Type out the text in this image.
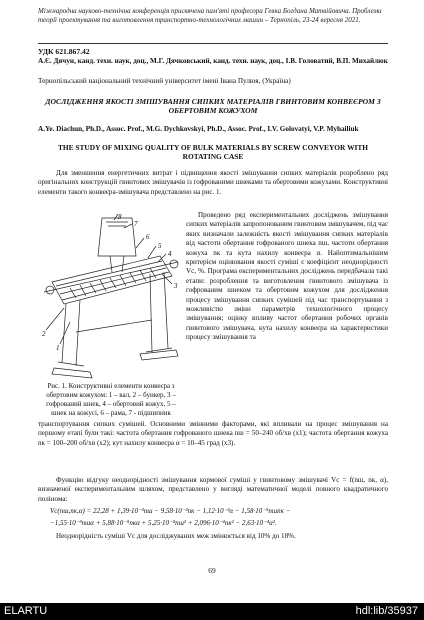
Міжнародна науково-технічна конференція присвячена пам'яті професора Гевка Богдана Матвійовича. Проблеми теорії проектування та виготовлення транспортно-технологічних машин – Тернопіль, 23-24 вересня 2021.
УДК 621.867.42
А.Є. Дячун, канд. техн. наук, доц., М.Г. Дячковський, канд. техн. наук, доц., І.В. Головатий, В.П. Михайлюк
Тернопільський національний технічний університет імені Івана Пулюя, (Україна)
ДОСЛІДЖЕННЯ ЯКОСТІ ЗМІШУВАННЯ СИПКИХ МАТЕРІАЛІВ ГВИНТОВИМ КОНВЕЄРОМ З ОБЕРТОВИМ КОЖУХОМ
A.Ye. Diachun, Ph.D., Assoc. Prof., M.G. Dychkovskyi, Ph.D., Assoc. Prof., I.V. Golovatyi, V.P. Myhailiuk
THE STUDY OF MIXING QUALITY OF BULK MATERIALS BY SCREW CONVEYOR WITH ROTATING CASE
Для зменшення енергетичних витрат і підвищення якості змішування сипких матеріалів розроблено ряд оригінальних конструкцій гвинтових змішувачів із гофрованими шнеками та обертовими кожухами. Конструктивні елементи такого конвеєра-змішувача представлено на рис. 1.
8
7
6
5
4
3
2
1
Проведено ряд експериментальних досліджень змішування сипких матеріалів запропонованим гвинтовим змішувачем, під час яких визначали залежність якості змішування сипких матеріалів від частоти обертання гофрованого шнека nш, частоти обертання кожуха nк та кута нахилу конвеєра α. Найоптимальнішим критерієм оцінювання якості суміші є коефіцієнт неоднорідності Vc, %. Програма експериментальних досліджень передбачала такі етапи: розроблення та виготовлення гвинтового змішувача із гофрованим шнеком та обертовим кожухом для дослідження процесу змішування сипких сумішей під час транспортування з можливістю зміни параметрів технологічного процесу змішування; оцінку впливу частот обертання робочих органів гвинтового змішувача, кута нахилу конвеєра на характеристики процесу змішування та
Рис. 1. Конструктивні елементи конвеєра з обертовим кожухом: 1 – вал, 2 – бункер, 3 – гофрований шнек, 4 – обертовий кожух, 5 – шнек на кожусі, 6 – рама, 7 - підшипник
транспортування сипких сумішей. Основними змінними факторами, які впливали на процес змішування на першому етапі були такі: частота обертання гофрованого шнека nш = 50–240 об/хв (x1); частота обертання кожуха nк = 100–200 об/хв (x2); кут нахилу конвеєра α = 10–45 град (x3).
Функцію відгуку неоднорідності змішування кормової суміші у гвинтовому змішувачі Vc = f(nш, nк, α), визначеної експериментальним шляхом, представлено у вигляді математичної моделі повного квадратичного полінома:
Vc(nш,nк,α) = 22,28 + 1,39·10⁻³nш − 9,58·10⁻²nк − 1,12·10⁻²α − 1,58·10⁻⁵nшnк −
−1,55·10⁻³nшα + 5,88·10⁻⁵nкα + 5,25·10⁻⁵nш² + 2,096·10⁻⁴nк² − 2,63·10⁻⁴α².
Неоднорідність суміші Vc для досліджуваних меж змінюється від 10% до 18%.
69
ELARTU	hdl:lib/35937
